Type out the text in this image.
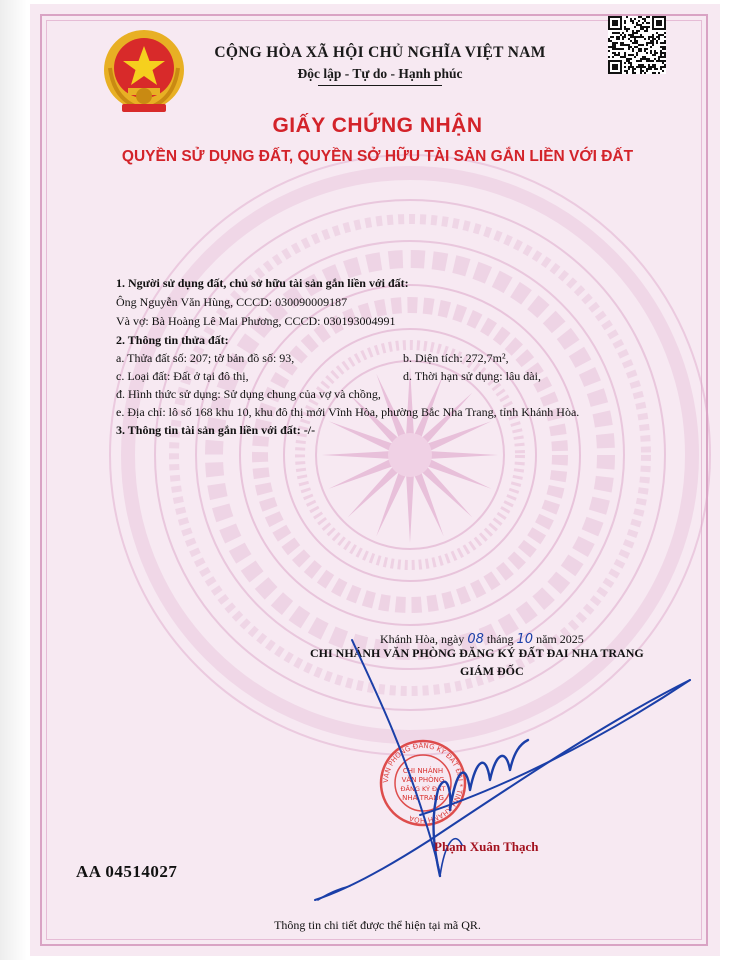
CỘNG HÒA XÃ HỘI CHỦ NGHĨA VIỆT NAM
Độc lập - Tự do - Hạnh phúc
GIẤY CHỨNG NHẬN
QUYỀN SỬ DỤNG ĐẤT, QUYỀN SỞ HỮU TÀI SẢN GẮN LIỀN VỚI ĐẤT
1. Người sử dụng đất, chủ sở hữu tài sản gắn liền với đất:
Ông Nguyễn Văn Hùng, CCCD: 030090009187
Và vợ: Bà Hoàng Lê Mai Phương, CCCD: 030193004991
2. Thông tin thửa đất:
a. Thửa đất số: 207; tờ bản đồ số: 93,	b. Diện tích: 272,7m²,
c. Loại đất: Đất ở tại đô thị,	d. Thời hạn sử dụng: lâu dài,
đ. Hình thức sử dụng: Sử dụng chung của vợ và chồng,
e. Địa chỉ: lô số 168 khu 10, khu đô thị mới Vĩnh Hòa, phường Bắc Nha Trang, tỉnh Khánh Hòa.
3. Thông tin tài sản gắn liền với đất: -/-
Khánh Hòa, ngày 08 tháng 10 năm 2025
CHI NHÁNH VĂN PHÒNG ĐĂNG KÝ ĐẤT ĐAI NHA TRANG
GIÁM ĐỐC
VĂN PHÒNG ĐĂNG KÝ ĐẤT ĐAI * TỈNH KHÁNH HÒA
CHI NHÁNH
VĂN PHÒNG
ĐĂNG KÝ ĐẤT
NHA TRANG
Phạm Xuân Thạch
AA 04514027
Thông tin chi tiết được thể hiện tại mã QR.
